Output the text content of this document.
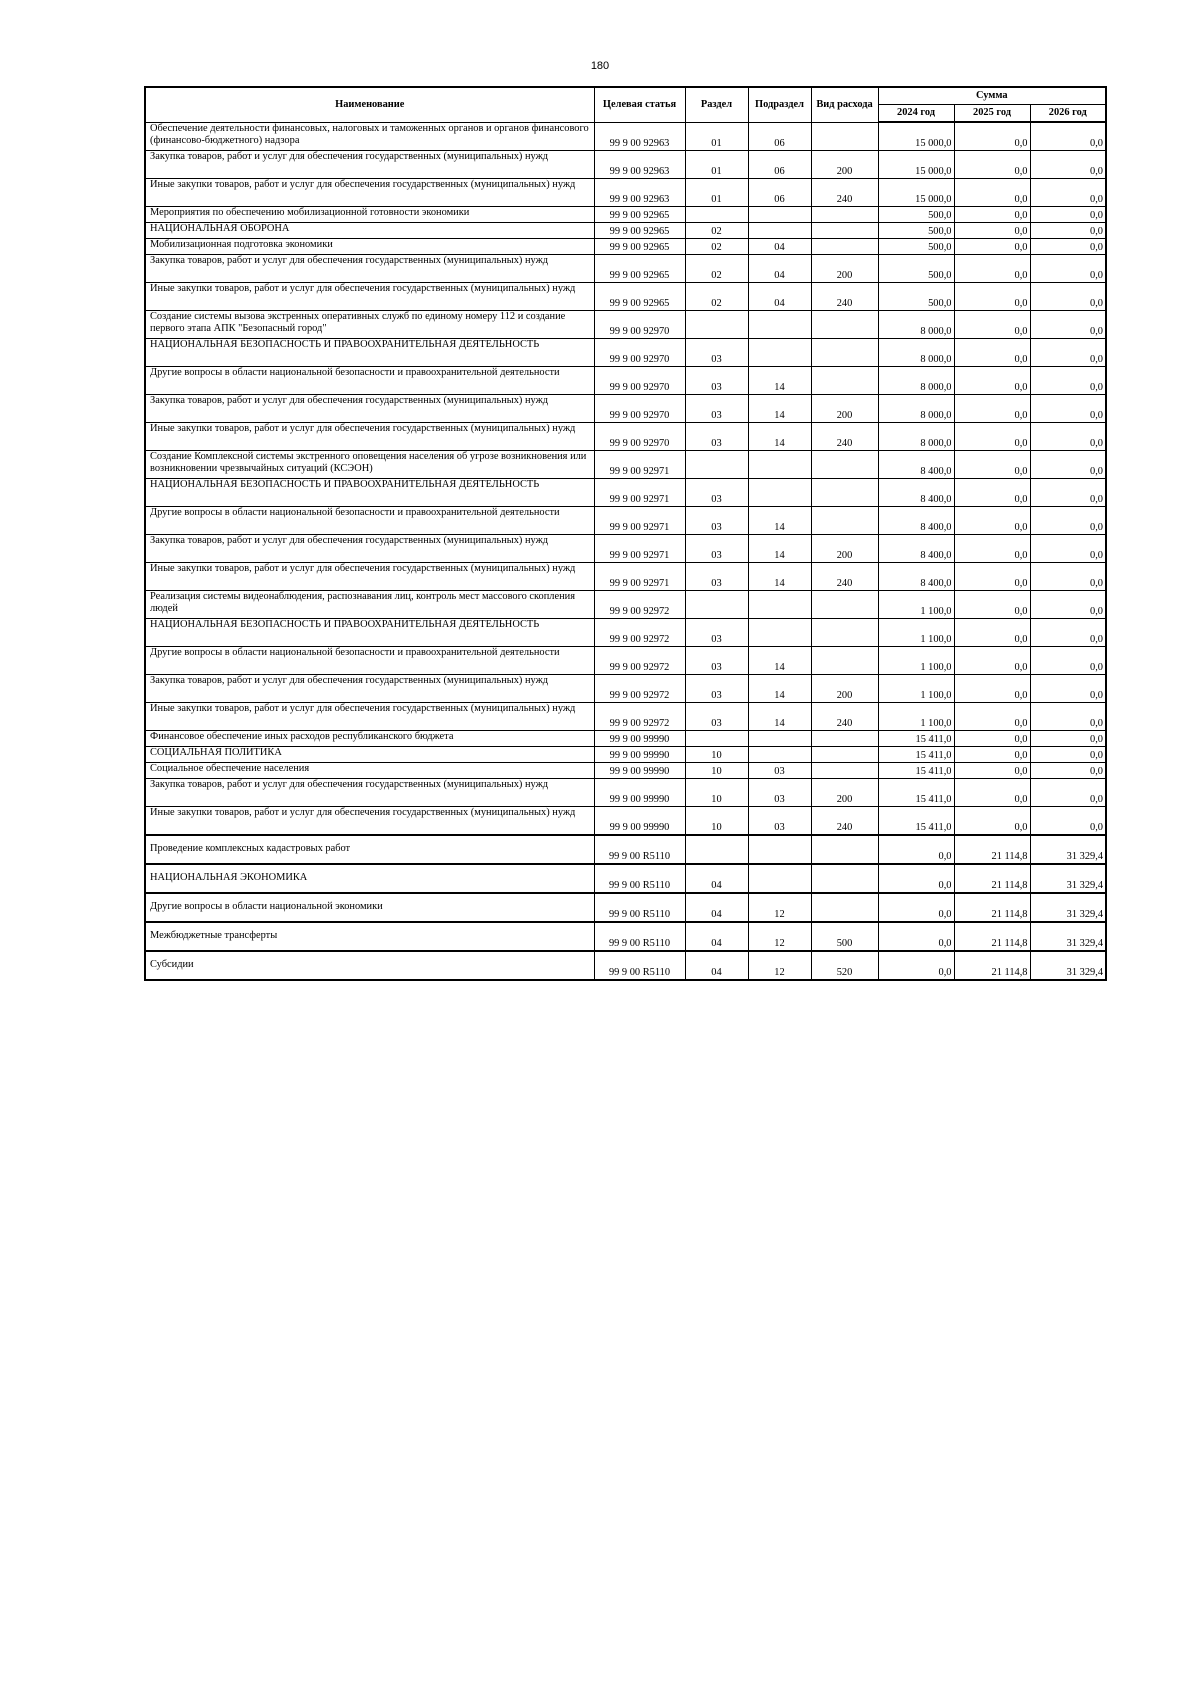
180
Наименование	Целевая статья	Раздел	Подраздел	Вид расхода	Сумма		
					2024 год	2025 год	2026 год
Обеспечение деятельности финансовых, налоговых и таможенных органов и органов финансового (финансово-бюджетного) надзора	99 9 00 92963	01	06		15 000,0	0,0	0,0
Закупка товаров, работ и услуг для обеспечения государственных (муниципальных) нужд	99 9 00 92963	01	06	200	15 000,0	0,0	0,0
Иные закупки товаров, работ и услуг для обеспечения государственных (муниципальных) нужд	99 9 00 92963	01	06	240	15 000,0	0,0	0,0
Мероприятия по обеспечению мобилизационной готовности экономики	99 9 00 92965				500,0	0,0	0,0
НАЦИОНАЛЬНАЯ ОБОРОНА	99 9 00 92965	02			500,0	0,0	0,0
Мобилизационная подготовка экономики	99 9 00 92965	02	04		500,0	0,0	0,0
Закупка товаров, работ и услуг для обеспечения государственных (муниципальных) нужд	99 9 00 92965	02	04	200	500,0	0,0	0,0
Иные закупки товаров, работ и услуг для обеспечения государственных (муниципальных) нужд	99 9 00 92965	02	04	240	500,0	0,0	0,0
Создание системы вызова экстренных оперативных служб по единому номеру 112 и создание первого этапа АПК "Безопасный город"	99 9 00 92970				8 000,0	0,0	0,0
НАЦИОНАЛЬНАЯ БЕЗОПАСНОСТЬ И ПРАВООХРАНИТЕЛЬНАЯ ДЕЯТЕЛЬНОСТЬ	99 9 00 92970	03			8 000,0	0,0	0,0
Другие вопросы в области национальной безопасности и правоохранительной деятельности	99 9 00 92970	03	14		8 000,0	0,0	0,0
Закупка товаров, работ и услуг для обеспечения государственных (муниципальных) нужд	99 9 00 92970	03	14	200	8 000,0	0,0	0,0
Иные закупки товаров, работ и услуг для обеспечения государственных (муниципальных) нужд	99 9 00 92970	03	14	240	8 000,0	0,0	0,0
Создание Комплексной системы экстренного оповещения населения об угрозе возникновения или возникновении чрезвычайных ситуаций (КСЭОН)	99 9 00 92971				8 400,0	0,0	0,0
НАЦИОНАЛЬНАЯ БЕЗОПАСНОСТЬ И ПРАВООХРАНИТЕЛЬНАЯ ДЕЯТЕЛЬНОСТЬ	99 9 00 92971	03			8 400,0	0,0	0,0
Другие вопросы в области национальной безопасности и правоохранительной деятельности	99 9 00 92971	03	14		8 400,0	0,0	0,0
Закупка товаров, работ и услуг для обеспечения государственных (муниципальных) нужд	99 9 00 92971	03	14	200	8 400,0	0,0	0,0
Иные закупки товаров, работ и услуг для обеспечения государственных (муниципальных) нужд	99 9 00 92971	03	14	240	8 400,0	0,0	0,0
Реализация системы видеонаблюдения, распознавания лиц, контроль мест массового скопления людей	99 9 00 92972				1 100,0	0,0	0,0
НАЦИОНАЛЬНАЯ БЕЗОПАСНОСТЬ И ПРАВООХРАНИТЕЛЬНАЯ ДЕЯТЕЛЬНОСТЬ	99 9 00 92972	03			1 100,0	0,0	0,0
Другие вопросы в области национальной безопасности и правоохранительной деятельности	99 9 00 92972	03	14		1 100,0	0,0	0,0
Закупка товаров, работ и услуг для обеспечения государственных (муниципальных) нужд	99 9 00 92972	03	14	200	1 100,0	0,0	0,0
Иные закупки товаров, работ и услуг для обеспечения государственных (муниципальных) нужд	99 9 00 92972	03	14	240	1 100,0	0,0	0,0
Финансовое обеспечение иных расходов республиканского бюджета	99 9 00 99990				15 411,0	0,0	0,0
СОЦИАЛЬНАЯ ПОЛИТИКА	99 9 00 99990	10			15 411,0	0,0	0,0
Социальное обеспечение населения	99 9 00 99990	10	03		15 411,0	0,0	0,0
Закупка товаров, работ и услуг для обеспечения государственных (муниципальных) нужд	99 9 00 99990	10	03	200	15 411,0	0,0	0,0
Иные закупки товаров, работ и услуг для обеспечения государственных (муниципальных) нужд	99 9 00 99990	10	03	240	15 411,0	0,0	0,0
Проведение комплексных кадастровых работ	99 9 00 R5110				0,0	21 114,8	31 329,4
НАЦИОНАЛЬНАЯ ЭКОНОМИКА	99 9 00 R5110	04			0,0	21 114,8	31 329,4
Другие вопросы в области национальной экономики	99 9 00 R5110	04	12		0,0	21 114,8	31 329,4
Межбюджетные трансферты	99 9 00 R5110	04	12	500	0,0	21 114,8	31 329,4
Субсидии	99 9 00 R5110	04	12	520	0,0	21 114,8	31 329,4
